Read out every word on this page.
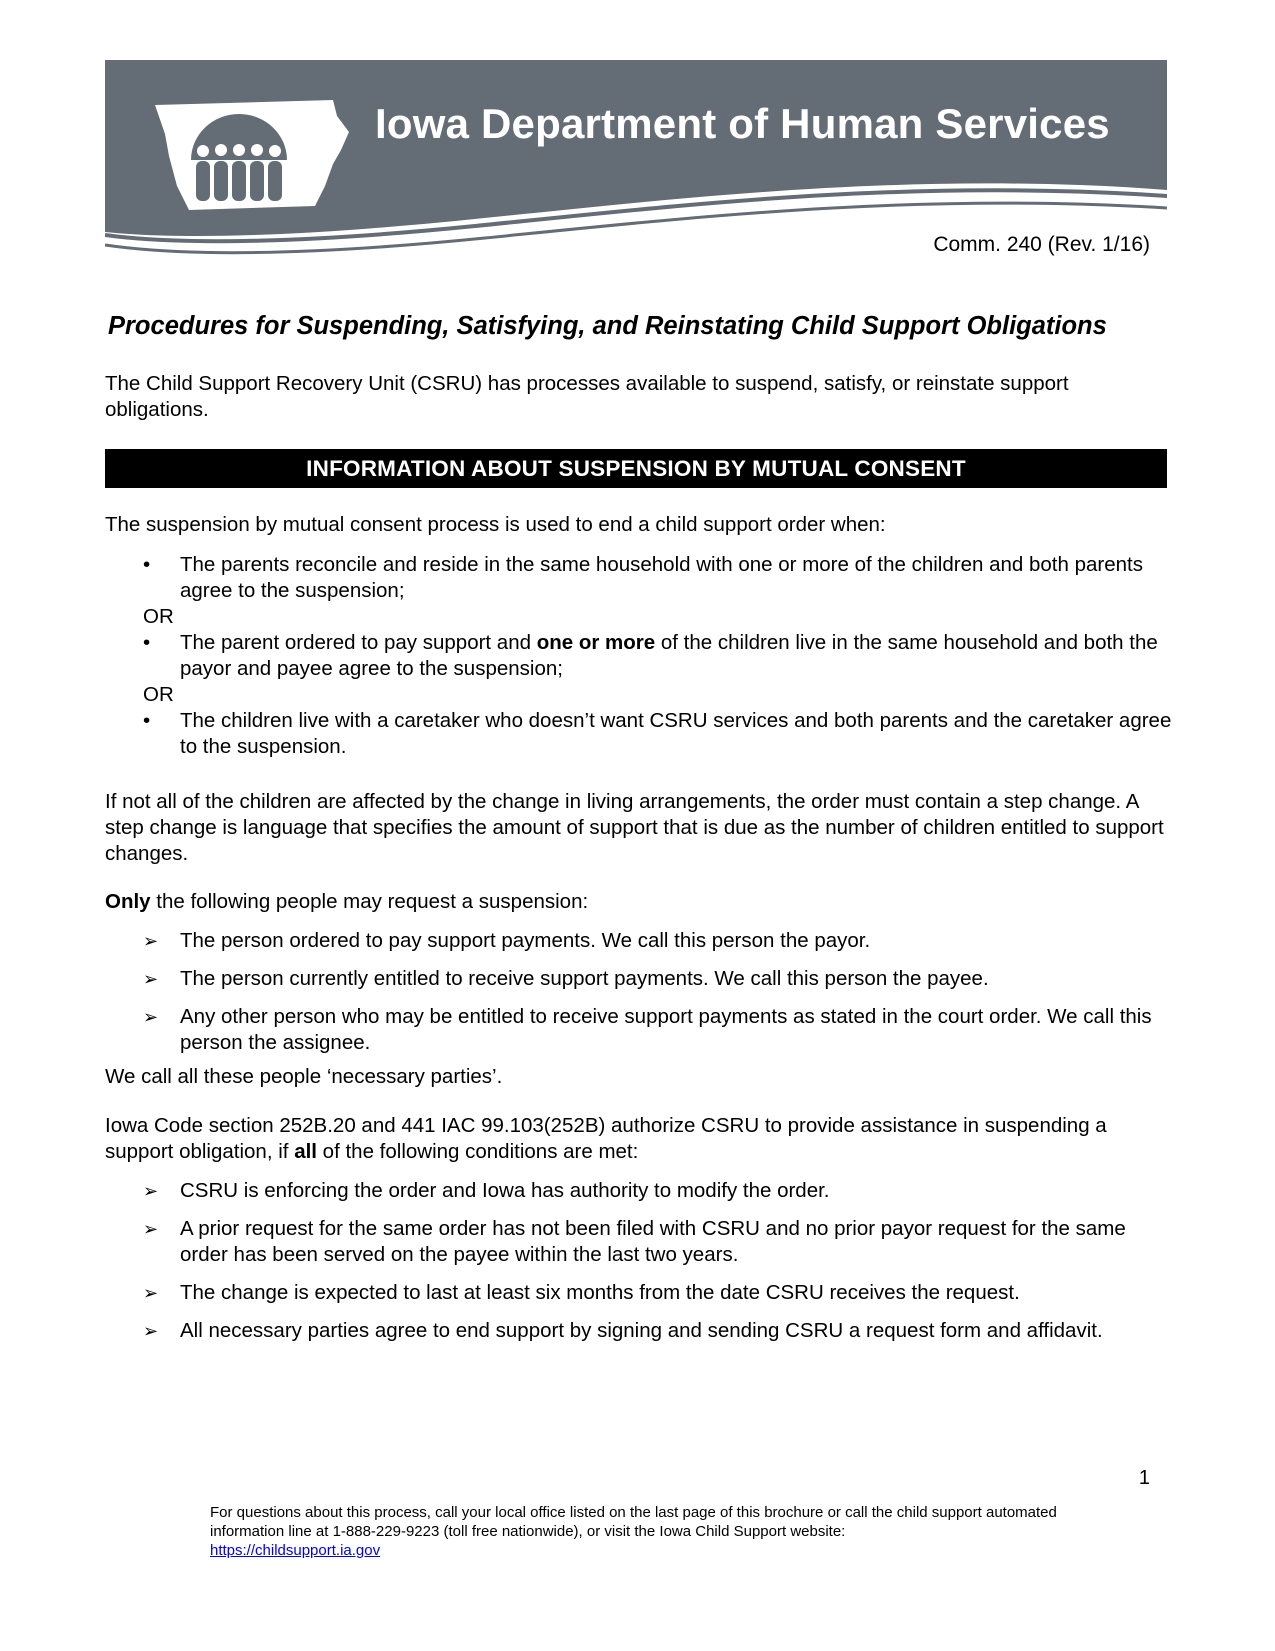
Iowa Department of Human Services
Comm. 240 (Rev. 1/16)
Procedures for Suspending, Satisfying, and Reinstating Child Support Obligations
The Child Support Recovery Unit (CSRU) has processes available to suspend, satisfy, or reinstate support obligations.
INFORMATION ABOUT SUSPENSION BY MUTUAL CONSENT
The suspension by mutual consent process is used to end a child support order when:
• The parents reconcile and reside in the same household with one or more of the children and both parents agree to the suspension;
OR
• The parent ordered to pay support and one or more of the children live in the same household and both the payor and payee agree to the suspension;
OR
• The children live with a caretaker who doesn’t want CSRU services and both parents and the caretaker agree to the suspension.
If not all of the children are affected by the change in living arrangements, the order must contain a step change. A step change is language that specifies the amount of support that is due as the number of children entitled to support changes.
Only the following people may request a suspension:
➢ The person ordered to pay support payments. We call this person the payor.
➢ The person currently entitled to receive support payments. We call this person the payee.
➢ Any other person who may be entitled to receive support payments as stated in the court order. We call this person the assignee.
We call all these people ‘necessary parties’.
Iowa Code section 252B.20 and 441 IAC 99.103(252B) authorize CSRU to provide assistance in suspending a support obligation, if all of the following conditions are met:
➢ CSRU is enforcing the order and Iowa has authority to modify the order.
➢ A prior request for the same order has not been filed with CSRU and no prior payor request for the same order has been served on the payee within the last two years.
➢ The change is expected to last at least six months from the date CSRU receives the request.
➢ All necessary parties agree to end support by signing and sending CSRU a request form and affidavit.
1
For questions about this process, call your local office listed on the last page of this brochure or call the child support automated information line at 1-888-229-9223 (toll free nationwide), or visit the Iowa Child Support website:
https://childsupport.ia.gov
